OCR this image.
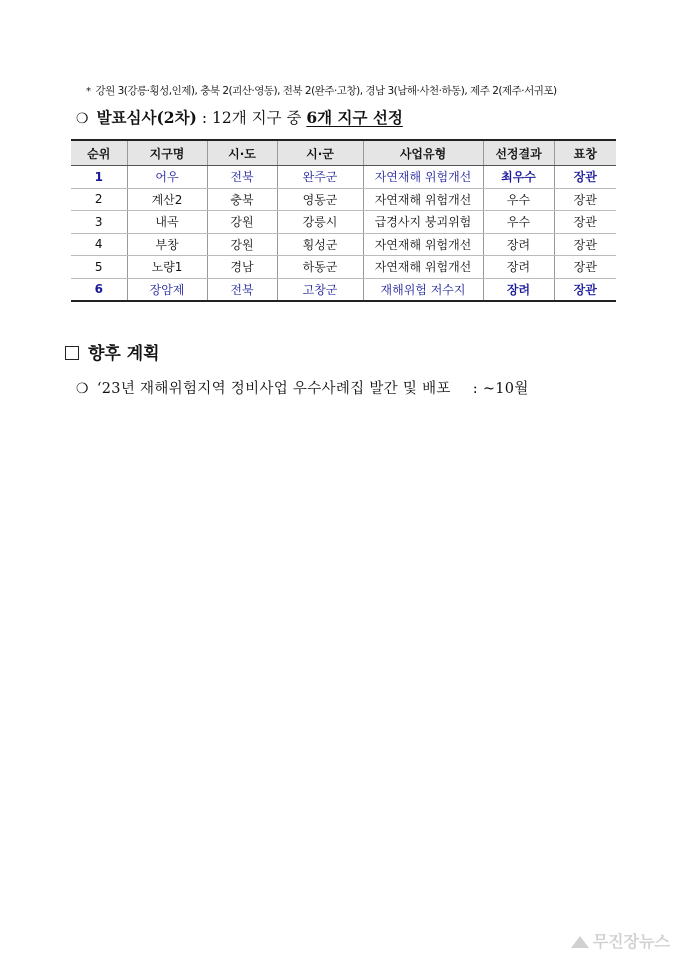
* 강원 3(강릉·횡성,인제), 충북 2(괴산·영동), 전북 2(완주·고창), 경남 3(남해·사천·하동), 제주 2(제주·서귀포)
❍ 발표심사(2차) : 12개 지구 중 6개 지구 선정
순위	지구명	시·도	시·군	사업유형	선정결과	표창
1	어우	전북	완주군	자연재해 위험개선	최우수	장관
2	계산2	충북	영동군	자연재해 위험개선	우수	장관
3	내곡	강원	강릉시	급경사지 붕괴위험	우수	장관
4	부창	강원	횡성군	자연재해 위험개선	장려	장관
5	노량1	경남	하동군	자연재해 위험개선	장려	장관
6	장암제	전북	고창군	재해위험 저수지	장려	장관
향후 계획
❍ ‘23년 재해위험지역 정비사업 우수사례집 발간 및 배포 : ~10월
무진장뉴스
